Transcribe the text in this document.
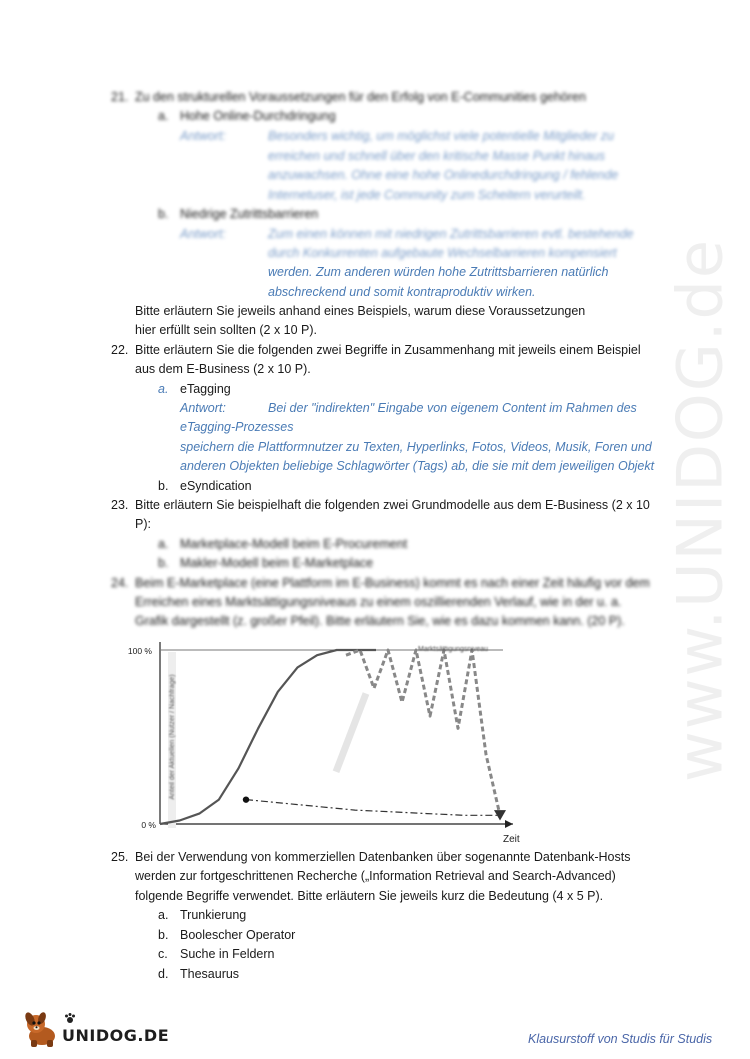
www.UNIDOG.de
21. Zu den strukturellen Voraussetzungen für den Erfolg von E-Communities gehören
a. Hohe Online-Durchdringung
Antwort:	Besonders wichtig, um möglichst viele potentielle Mitglieder zu
erreichen und schnell über den kritische Masse Punkt hinaus
anzuwachsen. Ohne eine hohe Onlinedurchdringung / fehlende
Internetuser, ist jede Community zum Scheitern verurteilt.
b. Niedrige Zutrittsbarrieren
Antwort:	Zum einen können mit niedrigen Zutrittsbarrieren evtl. bestehende
durch Konkurrenten aufgebaute Wechselbarrieren kompensiert
werden. Zum anderen würden hohe Zutrittsbarrieren natürlich
abschreckend und somit kontraproduktiv wirken.
Bitte erläutern Sie jeweils anhand eines Beispiels, warum diese Voraussetzungen
hier erfüllt sein sollten (2 x 10 P).
22. Bitte erläutern Sie die folgenden zwei Begriffe in Zusammenhang mit jeweils einem Beispiel
aus dem E-Business (2 x 10 P).
a. eTagging
Antwort:	Bei der "indirekten" Eingabe von eigenem Content im Rahmen des
eTagging-Prozesses
speichern die Plattformnutzer zu Texten, Hyperlinks, Fotos, Videos, Musik, Foren und
anderen Objekten beliebige Schlagwörter (Tags) ab, die sie mit dem jeweiligen Objekt
b. eSyndication
23. Bitte erläutern Sie beispielhaft die folgenden zwei Grundmodelle aus dem E-Business (2 x 10
P):
a. Marketplace-Modell beim E-Procurement
b. Makler-Modell beim E-Marketplace
24. Beim E-Marketplace (eine Plattform im E-Business) kommt es nach einer Zeit häufig vor dem
Erreichen eines Marktsättigungsniveaus zu einem oszillierenden Verlauf, wie in der u. a.
Grafik dargestellt (z. großer Pfeil). Bitte erläutern Sie, wie es dazu kommen kann. (20 P).
100 %
0 %
Zeit
Anteil der Aktuellen (Nutzer / Nachfrage)
Marktsättigungsniveau
25. Bei der Verwendung von kommerziellen Datenbanken über sogenannte Datenbank-Hosts
werden zur fortgeschrittenen Recherche („Information Retrieval and Search-Advanced)
folgende Begriffe verwendet. Bitte erläutern Sie jeweils kurz die Bedeutung (4 x 5 P).
a. Trunkierung
b. Boolescher Operator
c. Suche in Feldern
d. Thesaurus
UNIDOG.DE	Klausurstoff von Studis für Studis
